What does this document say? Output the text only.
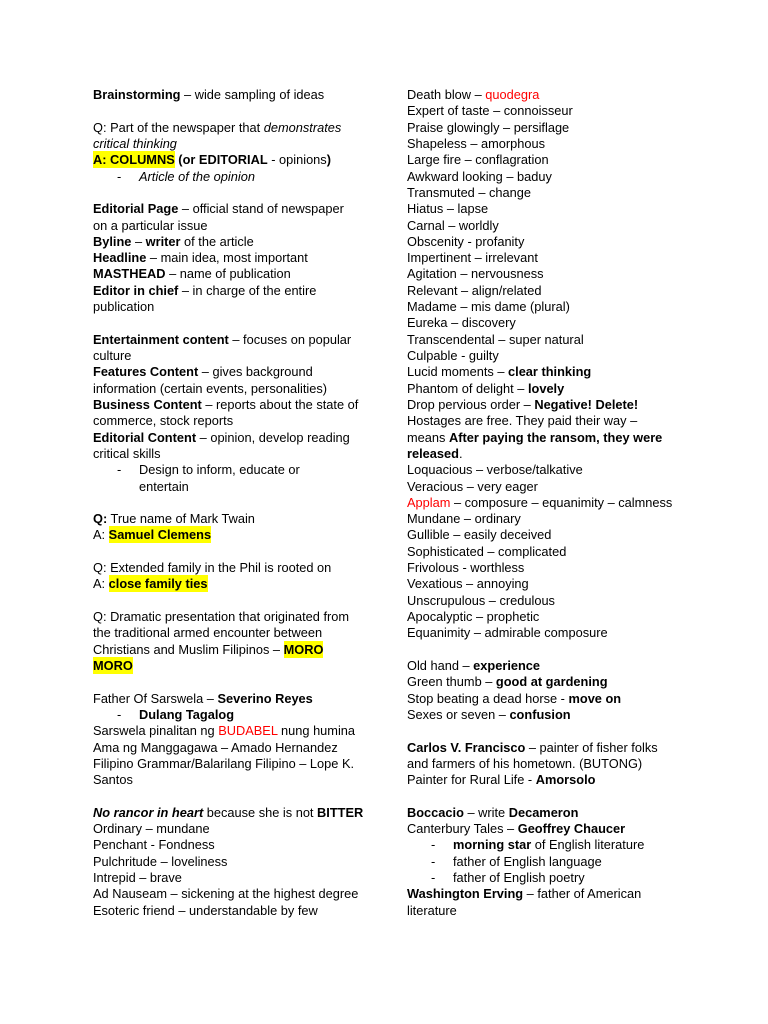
Brainstorming – wide sampling of ideas
Q: Part of the newspaper that demonstrates
critical thinking
A: COLUMNS (or EDITORIAL - opinions)
- Article of the opinion
Editorial Page – official stand of newspaper
on a particular issue
Byline – writer of the article
Headline – main idea, most important
MASTHEAD – name of publication
Editor in chief – in charge of the entire
publication
Entertainment content – focuses on popular
culture
Features Content – gives background
information (certain events, personalities)
Business Content – reports about the state of
commerce, stock reports
Editorial Content – opinion, develop reading
critical skills
- Design to inform, educate or
entertain
Q: True name of Mark Twain
A: Samuel Clemens
Q: Extended family in the Phil is rooted on
A: close family ties
Q: Dramatic presentation that originated from
the traditional armed encounter between
Christians and Muslim Filipinos – MORO
MORO
Father Of Sarswela – Severino Reyes
- Dulang Tagalog
Sarswela pinalitan ng BUDABEL nung humina
Ama ng Manggagawa – Amado Hernandez
Filipino Grammar/Balarilang Filipino – Lope K.
Santos
No rancor in heart because she is not BITTER
Ordinary – mundane
Penchant - Fondness
Pulchritude – loveliness
Intrepid – brave
Ad Nauseam – sickening at the highest degree
Esoteric friend – understandable by few
Death blow – quodegra
Expert of taste – connoisseur
Praise glowingly – persiflage
Shapeless – amorphous
Large fire – conflagration
Awkward looking – baduy
Transmuted – change
Hiatus – lapse
Carnal – worldly
Obscenity - profanity
Impertinent – irrelevant
Agitation – nervousness
Relevant – align/related
Madame – mis dame (plural)
Eureka – discovery
Transcendental – super natural
Culpable - guilty
Lucid moments – clear thinking
Phantom of delight – lovely
Drop pervious order – Negative! Delete!
Hostages are free. They paid their way –
means After paying the ransom, they were
released.
Loquacious – verbose/talkative
Veracious – very eager
Applam – composure – equanimity – calmness
Mundane – ordinary
Gullible – easily deceived
Sophisticated – complicated
Frivolous - worthless
Vexatious – annoying
Unscrupulous – credulous
Apocalyptic – prophetic
Equanimity – admirable composure
Old hand – experience
Green thumb – good at gardening
Stop beating a dead horse - move on
Sexes or seven – confusion
Carlos V. Francisco – painter of fisher folks
and farmers of his hometown. (BUTONG)
Painter for Rural Life - Amorsolo
Boccacio – write Decameron
Canterbury Tales – Geoffrey Chaucer
- morning star of English literature
- father of English language
- father of English poetry
Washington Erving – father of American
literature
